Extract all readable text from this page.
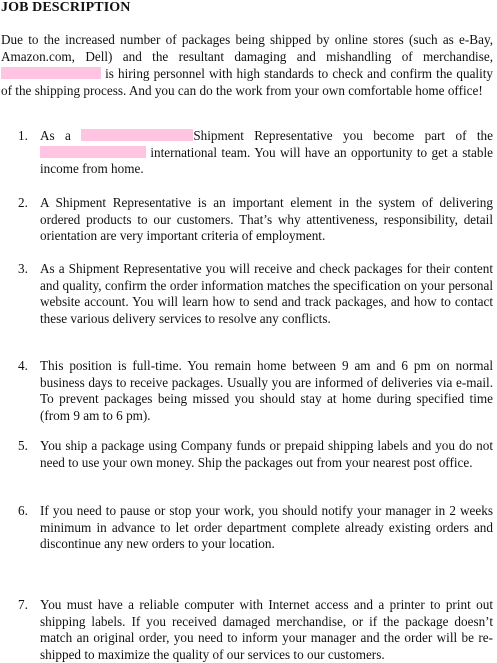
JOB DESCRIPTION
Due to the increased number of packages being shipped by online stores (such as e-Bay, Amazon.com, Dell) and the resultant damaging and mishandling of merchandise,  is hiring personnel with high standards to check and confirm the quality of the shipping process. And you can do the work from your own comfortable home office!
1. As a	Shipment Representative you become part of the  international team. You will have an opportunity to get a stable income from home.
2. A Shipment Representative is an important element in the system of delivering ordered products to our customers. That’s why attentiveness, responsibility, detail orientation are very important criteria of employment.
3. As a Shipment Representative you will receive and check packages for their content and quality, confirm the order information matches the specification on your personal website account. You will learn how to send and track packages, and how to contact these various delivery services to resolve any conflicts.
4. This position is full-time. You remain home between 9 am and 6 pm on normal business days to receive packages. Usually you are informed of deliveries via e-mail. To prevent packages being missed you should stay at home during specified time (from 9 am to 6 pm).
5. You ship a package using Company funds or prepaid shipping labels and you do not need to use your own money. Ship the packages out from your nearest post office.
6. If you need to pause or stop your work, you should notify your manager in 2 weeks minimum in advance to let order department complete already existing orders and discontinue any new orders to your location.
7. You must have a reliable computer with Internet access and a printer to print out shipping labels. If you received damaged merchandise, or if the package doesn’t match an original order, you need to inform your manager and the order will be re-shipped to maximize the quality of our services to our customers.
